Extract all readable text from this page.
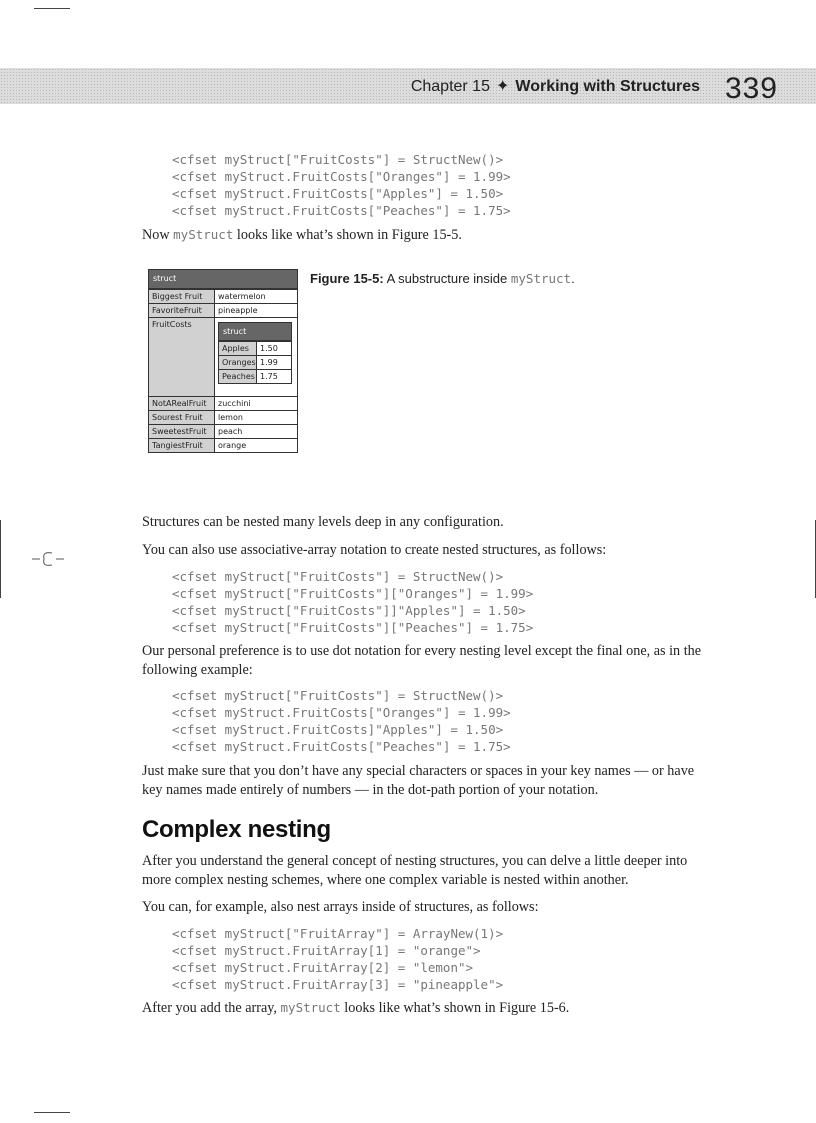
Chapter 15 ✦ Working with Structures 339
<cfset myStruct["FruitCosts"] = StructNew()>
<cfset myStruct.FruitCosts["Oranges"] = 1.99>
<cfset myStruct.FruitCosts["Apples"] = 1.50>
<cfset myStruct.FruitCosts["Peaches"] = 1.75>
Now myStruct looks like what’s shown in Figure 15-5.
struct
Biggest Fruit	watermelon
FavoriteFruit	pineapple
FruitCosts
struct
Apples	1.50
Oranges 1.99
Peaches 1.75
NotARealFruit	zucchini
Sourest Fruit	lemon
SweetestFruit	peach
TangiestFruit	orange
Figure 15-5: A substructure inside myStruct.
Structures can be nested many levels deep in any configuration.
You can also use associative-array notation to create nested structures, as follows:
<cfset myStruct["FruitCosts"] = StructNew()>
<cfset myStruct["FruitCosts"]["Oranges"] = 1.99>
<cfset myStruct["FruitCosts"]]"Apples"] = 1.50>
<cfset myStruct["FruitCosts"]["Peaches"] = 1.75>
Our personal preference is to use dot notation for every nesting level except the final one, as in the following example:
<cfset myStruct["FruitCosts"] = StructNew()>
<cfset myStruct.FruitCosts["Oranges"] = 1.99>
<cfset myStruct.FruitCosts]"Apples"] = 1.50>
<cfset myStruct.FruitCosts["Peaches"] = 1.75>
Just make sure that you don’t have any special characters or spaces in your key names — or have key names made entirely of numbers — in the dot-path portion of your notation.
Complex nesting
After you understand the general concept of nesting structures, you can delve a little deeper into more complex nesting schemes, where one complex variable is nested within another.
You can, for example, also nest arrays inside of structures, as follows:
<cfset myStruct["FruitArray"] = ArrayNew(1)>
<cfset myStruct.FruitArray[1] = "orange">
<cfset myStruct.FruitArray[2] = "lemon">
<cfset myStruct.FruitArray[3] = "pineapple">
After you add the array, myStruct looks like what’s shown in Figure 15-6.
